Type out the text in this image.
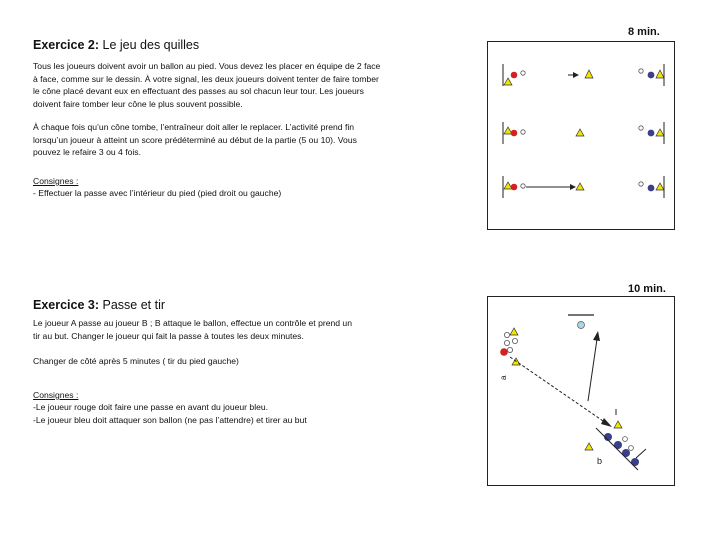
Exercice 2: Le jeu des quilles
8 min.
Tous les joueurs doivent avoir un ballon au pied. Vous devez les placer en équipe de 2 face
à face, comme sur le dessin. À votre signal, les deux joueurs doivent tenter de faire tomber
le cône placé devant eux en effectuant des passes au sol chacun leur tour. Les joueurs
doivent faire tomber leur cône le plus souvent possible.
À chaque fois qu’un cône tombe, l’entraîneur doit aller le replacer. L’activité prend fin
lorsqu’un joueur à atteint un score prédéterminé au début de la partie (5 ou 10). Vous
pouvez le refaire 3 ou 4 fois.
Consignes :
- Effectuer la passe avec l’intérieur du pied (pied droit ou gauche)
Exercice 3: Passe et tir
10 min.
Le joueur A passe au joueur B ; B attaque le ballon, effectue un contrôle et prend un
tir au but. Changer le joueur qui fait la passe à toutes les deux minutes.
Changer de côté après 5 minutes ( tir du pied gauche)
Consignes :
-Le joueur rouge doit faire une passe en avant du joueur bleu.
-Le joueur bleu doit attaquer son ballon (ne pas l’attendre) et tirer au but
a
b
